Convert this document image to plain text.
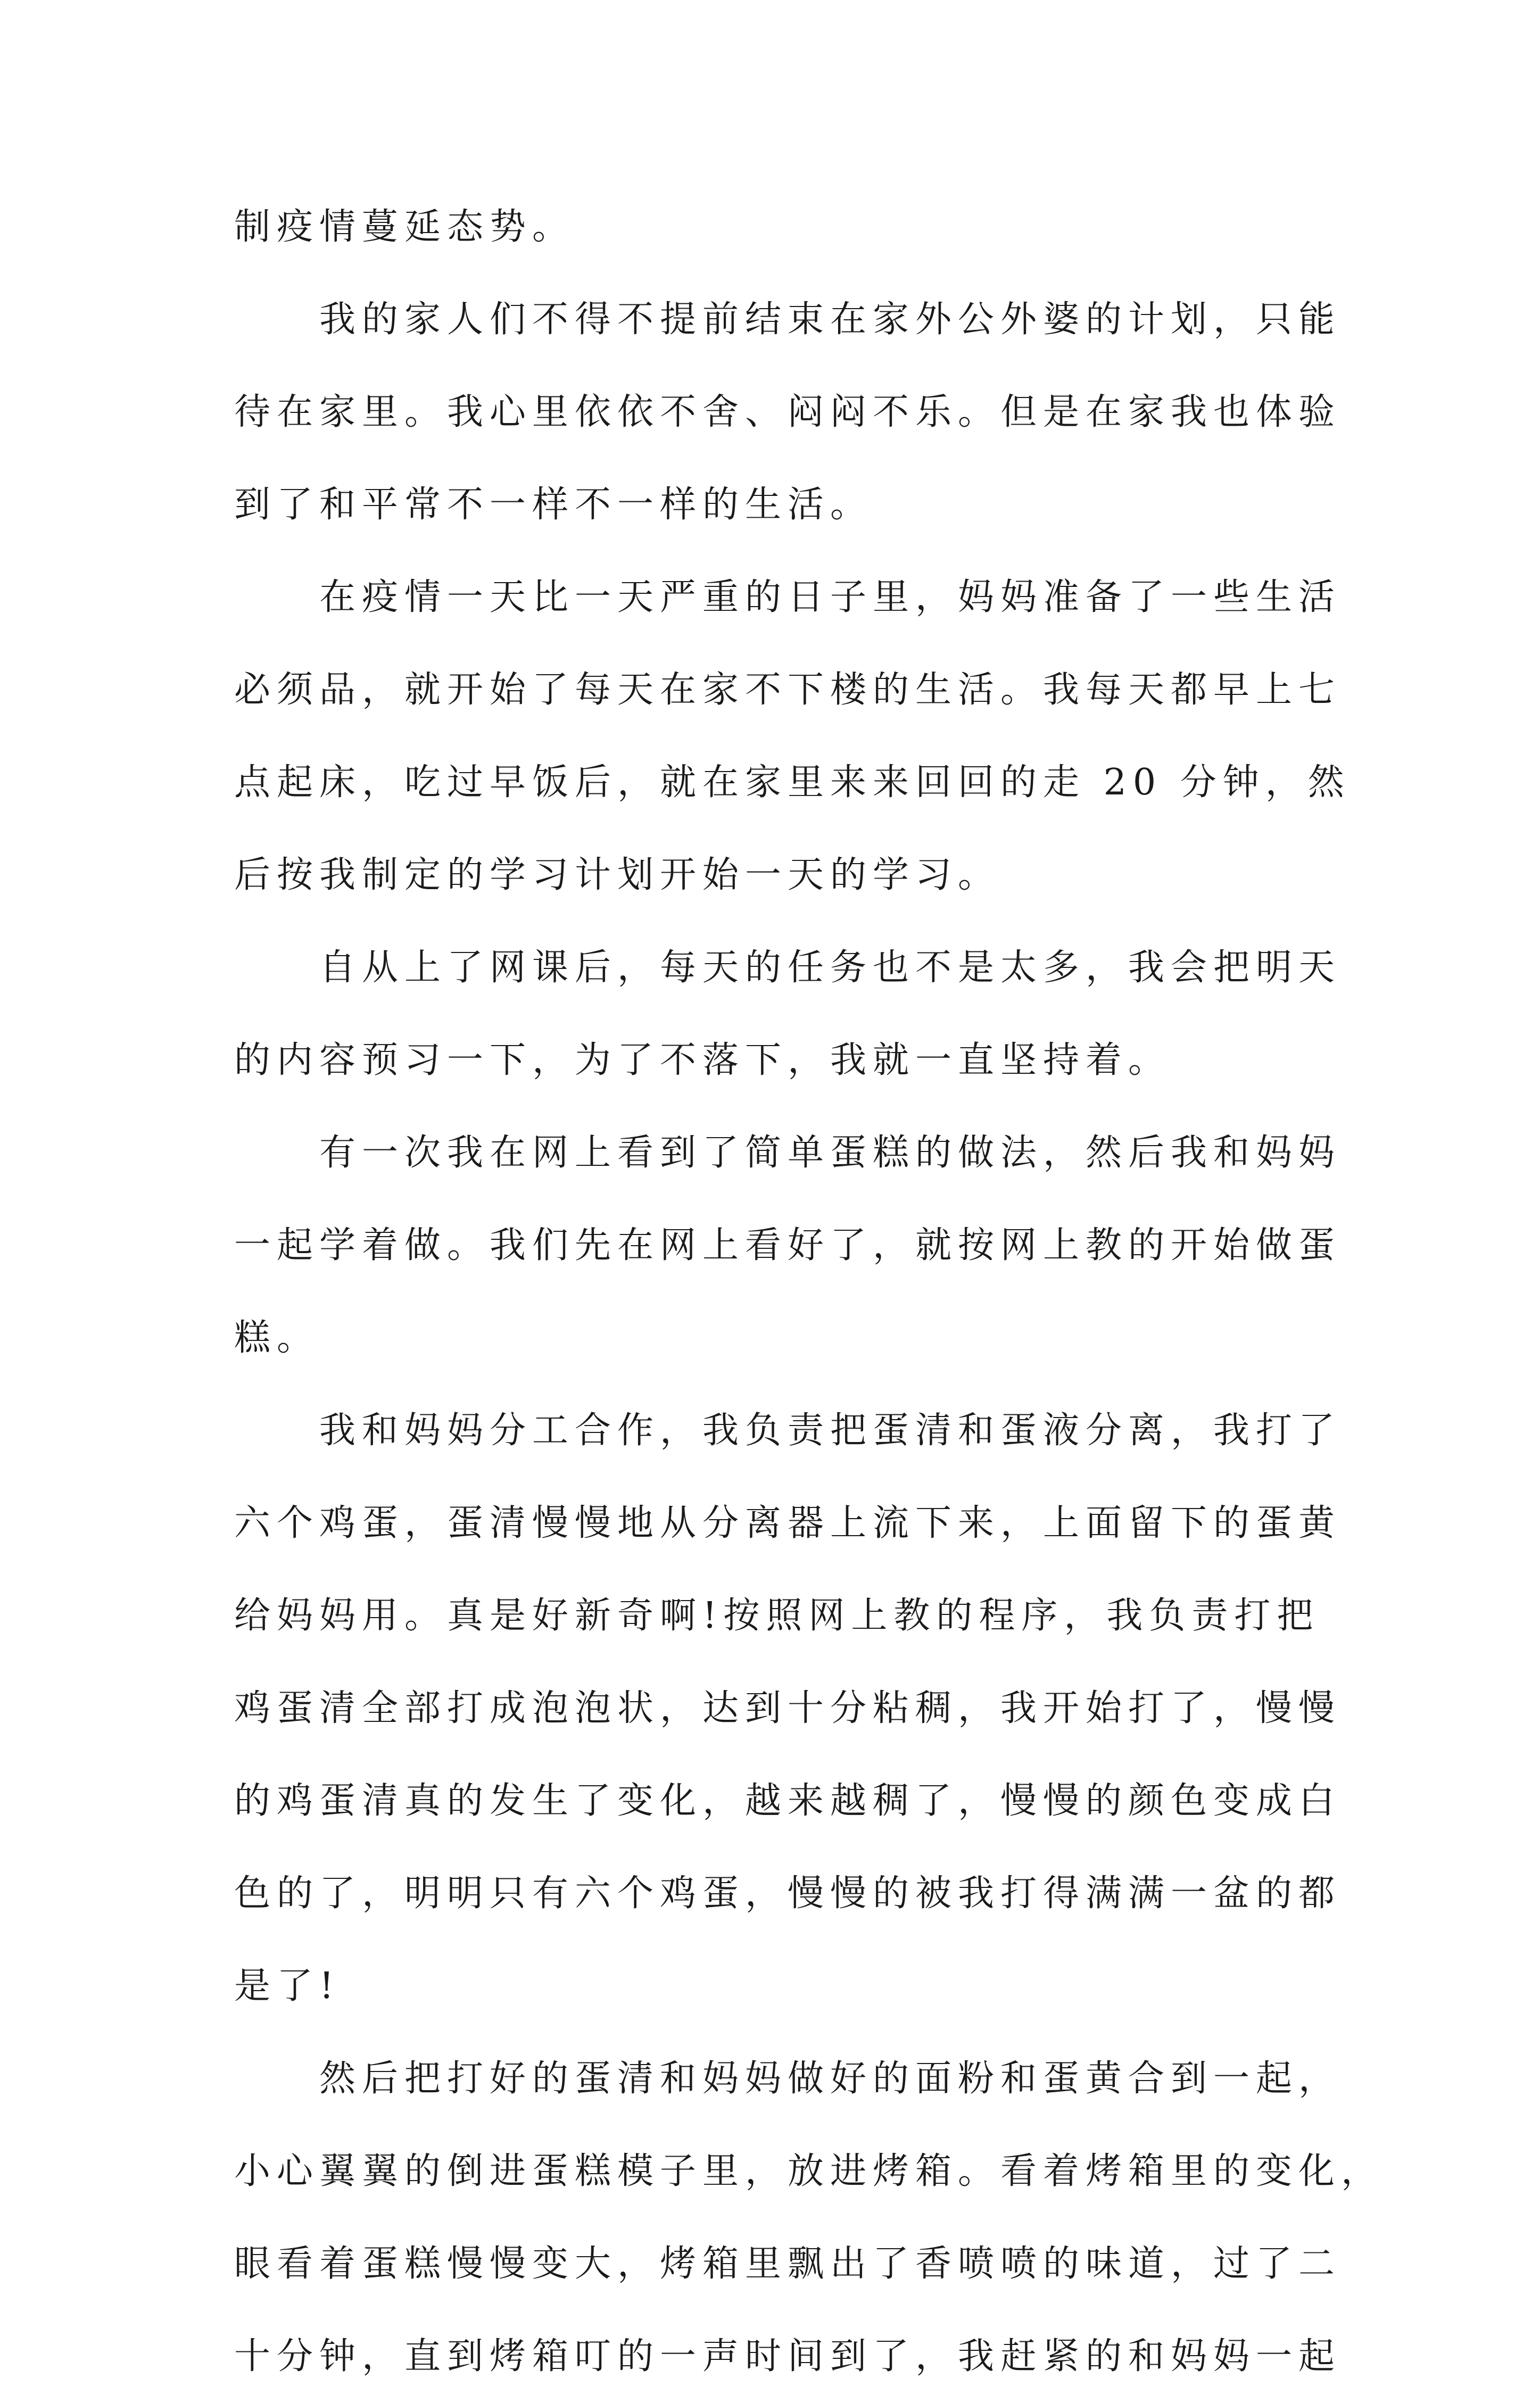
制疫情蔓延态势。
我的家人们不得不提前结束在家外公外婆的计划，只能
待在家里。我心里依依不舍、闷闷不乐。但是在家我也体验
到了和平常不一样不一样的生活。
在疫情一天比一天严重的日子里，妈妈准备了一些生活
必须品，就开始了每天在家不下楼的生活。我每天都早上七
点起床，吃过早饭后，就在家里来来回回的走 20 分钟，然
后按我制定的学习计划开始一天的学习。
自从上了网课后，每天的任务也不是太多，我会把明天
的内容预习一下，为了不落下，我就一直坚持着。
有一次我在网上看到了简单蛋糕的做法，然后我和妈妈
一起学着做。我们先在网上看好了，就按网上教的开始做蛋
糕。
我和妈妈分工合作，我负责把蛋清和蛋液分离，我打了
六个鸡蛋，蛋清慢慢地从分离器上流下来，上面留下的蛋黄
给妈妈用。真是好新奇啊!按照网上教的程序，我负责打把
鸡蛋清全部打成泡泡状，达到十分粘稠，我开始打了，慢慢
的鸡蛋清真的发生了变化，越来越稠了，慢慢的颜色变成白
色的了，明明只有六个鸡蛋，慢慢的被我打得满满一盆的都
是了!
然后把打好的蛋清和妈妈做好的面粉和蛋黄合到一起，
小心翼翼的倒进蛋糕模子里，放进烤箱。看着烤箱里的变化，
眼看着蛋糕慢慢变大，烤箱里飘出了香喷喷的味道，过了二
十分钟，直到烤箱叮的一声时间到了，我赶紧的和妈妈一起
